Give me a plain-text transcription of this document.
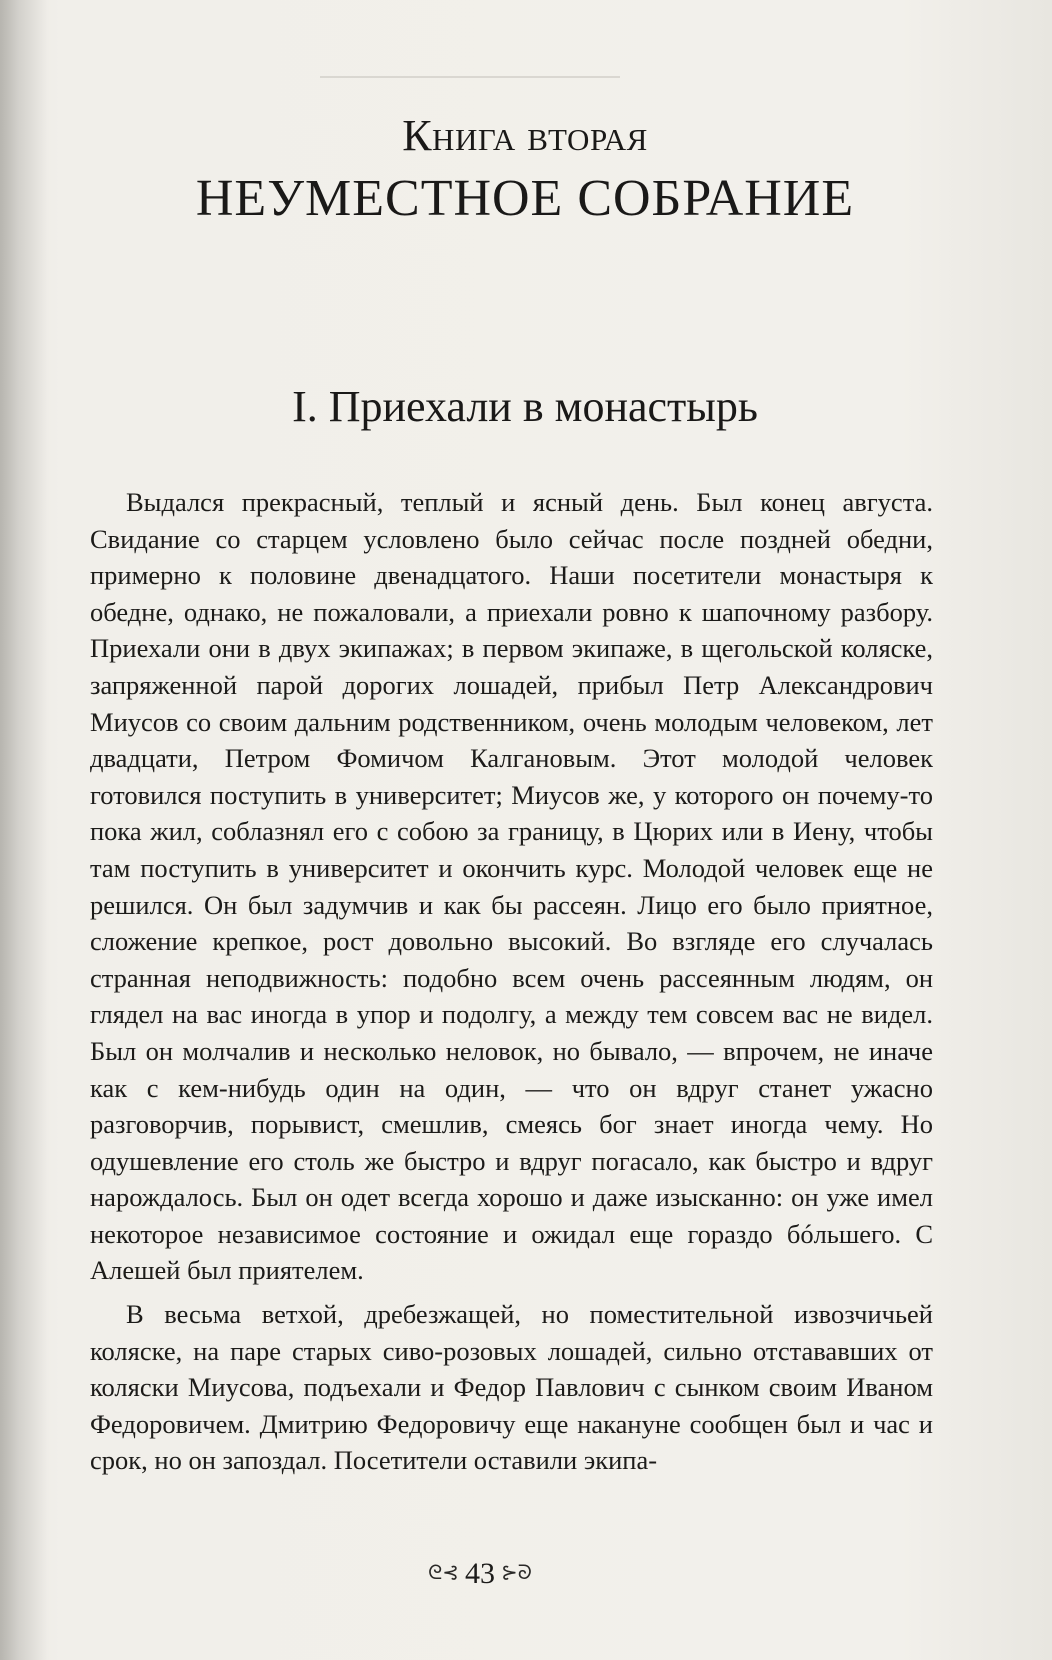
Книга вторая
НЕУМЕСТНОЕ СОБРАНИЕ
I. Приехали в монастырь

Выдался прекрасный, теплый и ясный день. Был конец августа. Свидание со старцем условлено было сейчас после поздней обедни, примерно к половине двенадцатого. Наши посетители монастыря к обедне, однако, не пожаловали, а приехали ровно к шапочному разбору. Приехали они в двух экипажах; в первом экипаже, в щегольской коляске, запряженной парой дорогих лошадей, прибыл Петр Александрович Миусов со своим дальним родственником, очень молодым человеком, лет двадцати, Петром Фомичом Калгановым. Этот молодой человек готовился поступить в университет; Миусов же, у которого он почему-то пока жил, соблазнял его с собою за границу, в Цюрих или в Иену, чтобы там поступить в университет и окончить курс. Молодой человек еще не решился. Он был задумчив и как бы рассеян. Лицо его было приятное, сложение крепкое, рост довольно высокий. Во взгляде его случалась странная неподвижность: подобно всем очень рассеянным людям, он глядел на вас иногда в упор и подолгу, а между тем совсем вас не видел. Был он молчалив и несколько неловок, но бывало, — впрочем, не иначе как с кем-нибудь один на один, — что он вдруг станет ужасно разговорчив, порывист, смешлив, смеясь бог знает иногда чему. Но одушевление его столь же быстро и вдруг погасало, как быстро и вдруг нарождалось. Был он одет всегда хорошо и даже изысканно: он уже имел некоторое независимое состояние и ожидал еще гораздо бóльшего. С Алешей был приятелем.

В весьма ветхой, дребезжащей, но поместительной извозчичьей коляске, на паре старых сиво-розовых лошадей, сильно отстававших от коляски Миусова, подъехали и Федор Павлович с сынком своим Иваном Федоровичем. Дмитрию Федоровичу еще накануне сообщен был и час и срок, но он запоздал. Посетители оставили экипа-

ᘓ⊰ 43 ⊱ᘐ
